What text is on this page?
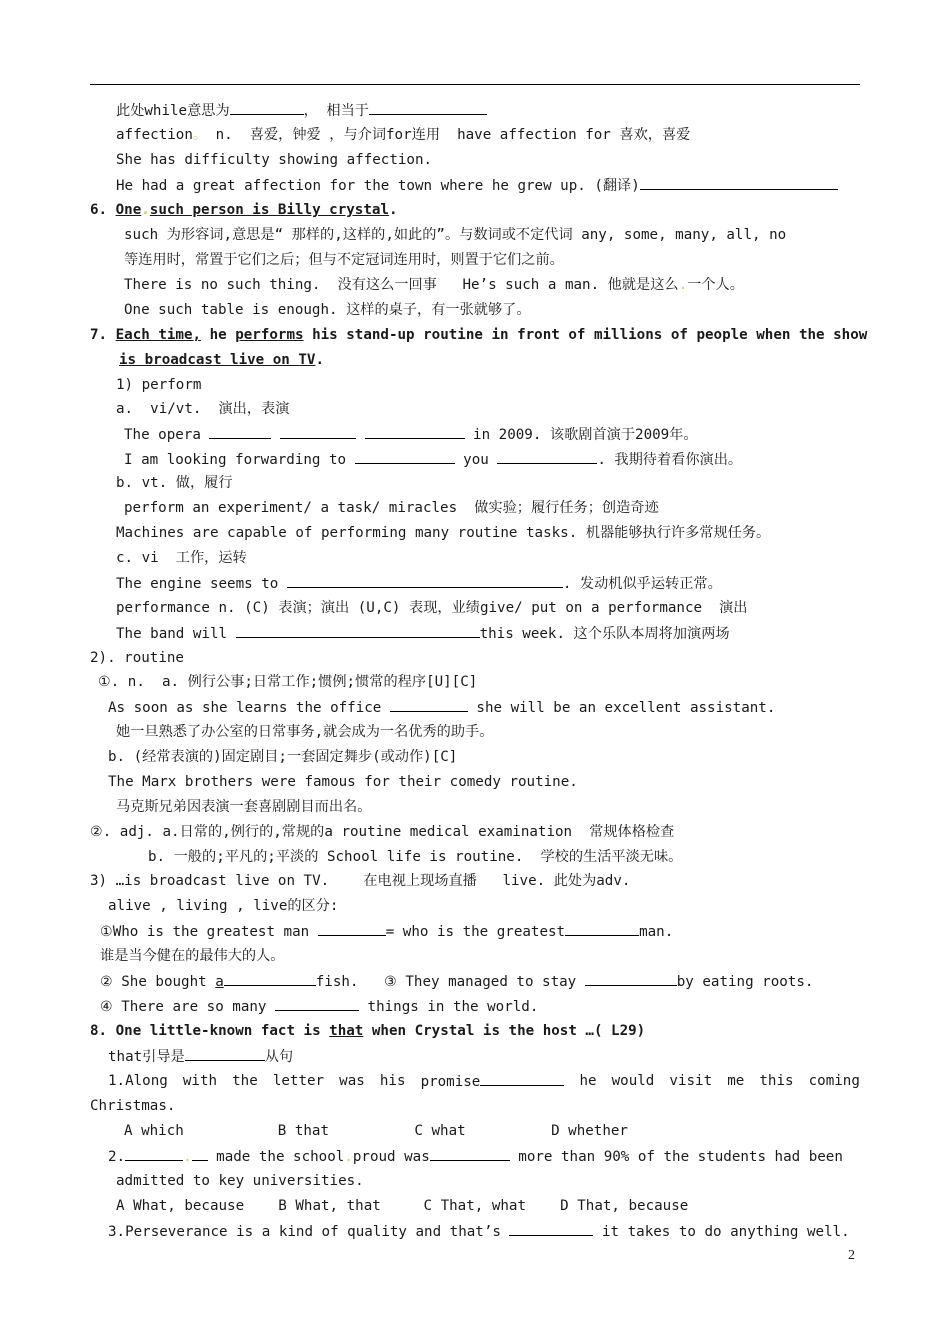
此处while意思为	， 相当于
affection。 n.  喜爱，钟爱 ，与介词for连用  have affection for 喜欢，喜爱
She has difficulty showing affection.
He had a great affection for the town where he grew up. (翻译)
6. One.such person is Billy crystal.
such 为形容词,意思是“ 那样的,这样的,如此的”。与数词或不定代词 any, some, many, all, no
等连用时，常置于它们之后；但与不定冠词连用时，则置于它们之前。
There is no such thing.  没有这么一回事   He’s such a man. 他就是这么.一个人。
One such table is enough. 这样的桌子，有一张就够了。
7. Each time, he performs his stand-up routine in front of millions of people when the show
is broadcast live on TV.
1) perform
a.  vi/vt.  演出，表演
The opera	in 2009. 该歌剧首演于2009年。
I am looking forwarding to	you	. 我期待着看你演出。
b. vt. 做，履行
perform an experiment/ a task/ miracles  做实验；履行任务；创造奇迹
Machines are capable of performing many routine tasks. 机器能够执行许多常规任务。
c. vi  工作，运转
The engine seems to	. 发动机似乎运转正常。
performance n. (C) 表演；演出 (U,C) 表现，业绩give/ put on a performance  演出
The band will	this week. 这个乐队本周将加演两场
2). routine
①. n.  a. 例行公事;日常工作;惯例;惯常的程序[U][C]
As soon as she learns the office	she will be an excellent assistant.
她一旦熟悉了办公室的日常事务,就会成为一名优秀的助手。
b. (经常表演的)固定剧目;一套固定舞步(或动作)[C]
The Marx brothers were famous for their comedy routine.
马克斯兄弟因表演一套喜剧剧目而出名。
②. adj. a.日常的,例行的,常规的a routine medical examination  常规体格检查
b. 一般的;平凡的;平淡的 School life is routine.  学校的生活平淡无味。
3) …is broadcast live on TV.    在电视上现场直播   live. 此处为adv.
alive , living , live的区分:
①Who is the greatest man	= who is the greatest	man.
谁是当今健在的最伟大的人。
② She bought a	fish.   ③ They managed to stay	by eating roots.
④ There are so many	things in the world.
8. One little-known fact is that when Crystal is the host …( L29)
that引导是	从句
1.Along with the letter was his promise	he would visit me this coming
Christmas.
A which           B that          C what          D whether
2.	. made the school.proud was	more than 90% of the students had been
admitted to key universities.
A What, because    B What, that     C That, what    D That, because
3.Perseverance is a kind of quality and that’s	it takes to do anything well.
2
